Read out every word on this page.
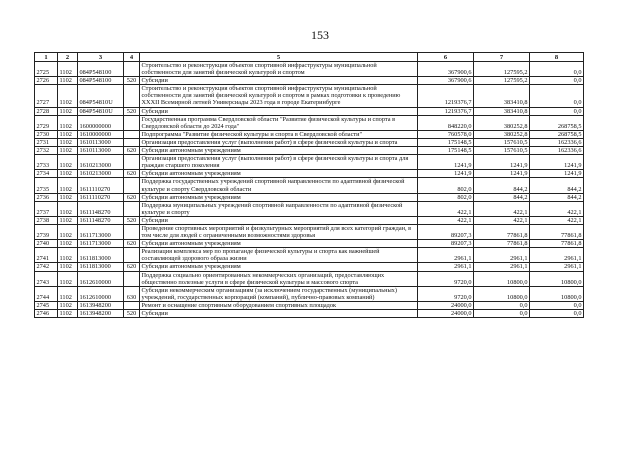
153
1	2	3	4	5	6	7	8
2725	1102	084P548100		Строительство и реконструкция объектов спортивной инфраструктуры муниципальной собственности для занятий физической культурой и спортом	367900,6	127595,2	0,0
2726	1102	084P548100	520	Субсидии	367900,6	127595,2	0,0
2727	1102	084P54810U		Строительство и реконструкция объектов спортивной инфраструктуры муниципальной собственности для занятий физической культурой и спортом в рамках подготовки к проведению XXXII Всемирной летней Универсиады 2023 года в городе Екатеринбурге	1219376,7	383410,8	0,0
2728	1102	084P54810U	520	Субсидии	1219376,7	383410,8	0,0
2729	1102	1600000000		Государственная программа Свердловской области "Развитие физической культуры и спорта в Свердловской области до 2024 года"	848220,0	380252,8	268758,5
2730	1102	1610000000		Подпрограмма "Развитие физической культуры и спорта в Свердловской области"	760578,0	380252,8	268758,5
2731	1102	1610113000		Организация предоставления услуг (выполнения работ) в сфере физической культуры и спорта	175148,5	157610,5	162336,6
2732	1102	1610113000	620	Субсидии автономным учреждениям	175148,5	157610,5	162336,6
2733	1102	1610213000		Организация предоставления услуг (выполнения работ) в сфере физической культуры и спорта для граждан старшего поколения	1241,9	1241,9	1241,9
2734	1102	1610213000	620	Субсидии автономным учреждениям	1241,9	1241,9	1241,9
2735	1102	1611110270		Поддержка государственных учреждений спортивной направленности по адаптивной физической культуре и спорту Свердловской области	802,0	844,2	844,2
2736	1102	1611110270	620	Субсидии автономным учреждениям	802,0	844,2	844,2
2737	1102	1611148270		Поддержка муниципальных учреждений спортивной направленности по адаптивной физической культуре и спорту	422,1	422,1	422,1
2738	1102	1611148270	520	Субсидии	422,1	422,1	422,1
2739	1102	1611713000		Проведение спортивных мероприятий и физкультурных мероприятий для всех категорий граждан, в том числе для людей с ограниченными возможностями здоровья	89207,3	77861,8	77861,8
2740	1102	1611713000	620	Субсидии автономным учреждениям	89207,3	77861,8	77861,8
2741	1102	1611813000		Реализация комплекса мер по пропаганде физической культуры и спорта как важнейшей составляющей здорового образа жизни	2961,1	2961,1	2961,1
2742	1102	1611813000	620	Субсидии автономным учреждениям	2961,1	2961,1	2961,1
2743	1102	1612610000		Поддержка социально ориентированных некоммерческих организаций, предоставляющих общественно полезные услуги в сфере физической культуры и массового спорта	9720,0	10800,0	10800,0
2744	1102	1612610000	630	Субсидии некоммерческим организациям (за исключением государственных (муниципальных) учреждений, государственных корпораций (компаний), публично-правовых компаний)	9720,0	10800,0	10800,0
2745	1102	1613948200		Ремонт и оснащение спортивным оборудованием спортивных площадок	24000,0	0,0	0,0
2746	1102	1613948200	520	Субсидии	24000,0	0,0	0,0
